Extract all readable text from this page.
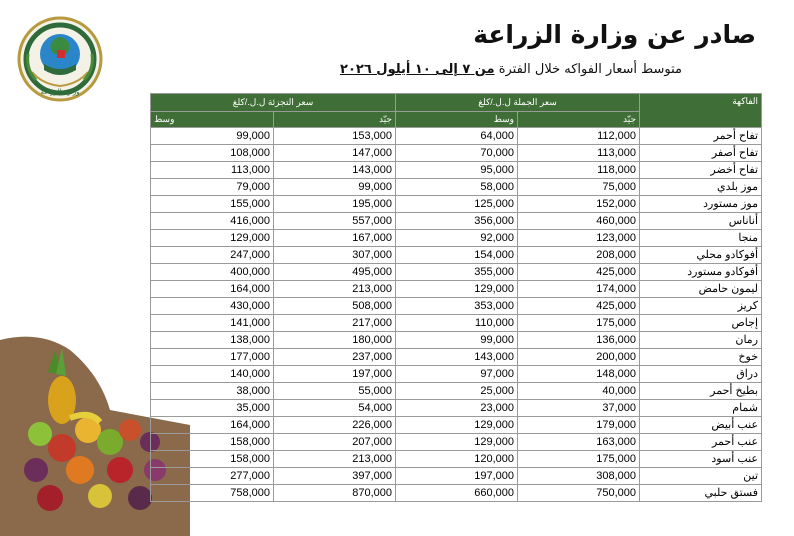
وزارة الزراعة
صادر عن وزارة الزراعة
متوسط أسعار الفواكه خلال الفترة من ٧ إلى ١٠ أيلول ٢٠٢٦
سعر التجزئة ل.ل./كلغ		سعر الجملة ل.ل./كلغ		الفاكهة
وسط	جيّد	وسط	جيّد	
99,000	153,000	64,000	112,000	تفاح أحمر
108,000	147,000	70,000	113,000	تفاح أصفر
113,000	143,000	95,000	118,000	تفاح أخضر
79,000	99,000	58,000	75,000	موز بلدي
155,000	195,000	125,000	152,000	موز مستورد
416,000	557,000	356,000	460,000	أناناس
129,000	167,000	92,000	123,000	منجا
247,000	307,000	154,000	208,000	أفوكادو محلي
400,000	495,000	355,000	425,000	أفوكادو مستورد
164,000	213,000	129,000	174,000	ليمون حامض
430,000	508,000	353,000	425,000	كريز
141,000	217,000	110,000	175,000	إجاص
138,000	180,000	99,000	136,000	رمان
177,000	237,000	143,000	200,000	خوخ
140,000	197,000	97,000	148,000	دراق
38,000	55,000	25,000	40,000	بطيخ أحمر
35,000	54,000	23,000	37,000	شمام
164,000	226,000	129,000	179,000	عنب أبيض
158,000	207,000	129,000	163,000	عنب أحمر
158,000	213,000	120,000	175,000	عنب أسود
277,000	397,000	197,000	308,000	تين
758,000	870,000	660,000	750,000	فستق حلبي
